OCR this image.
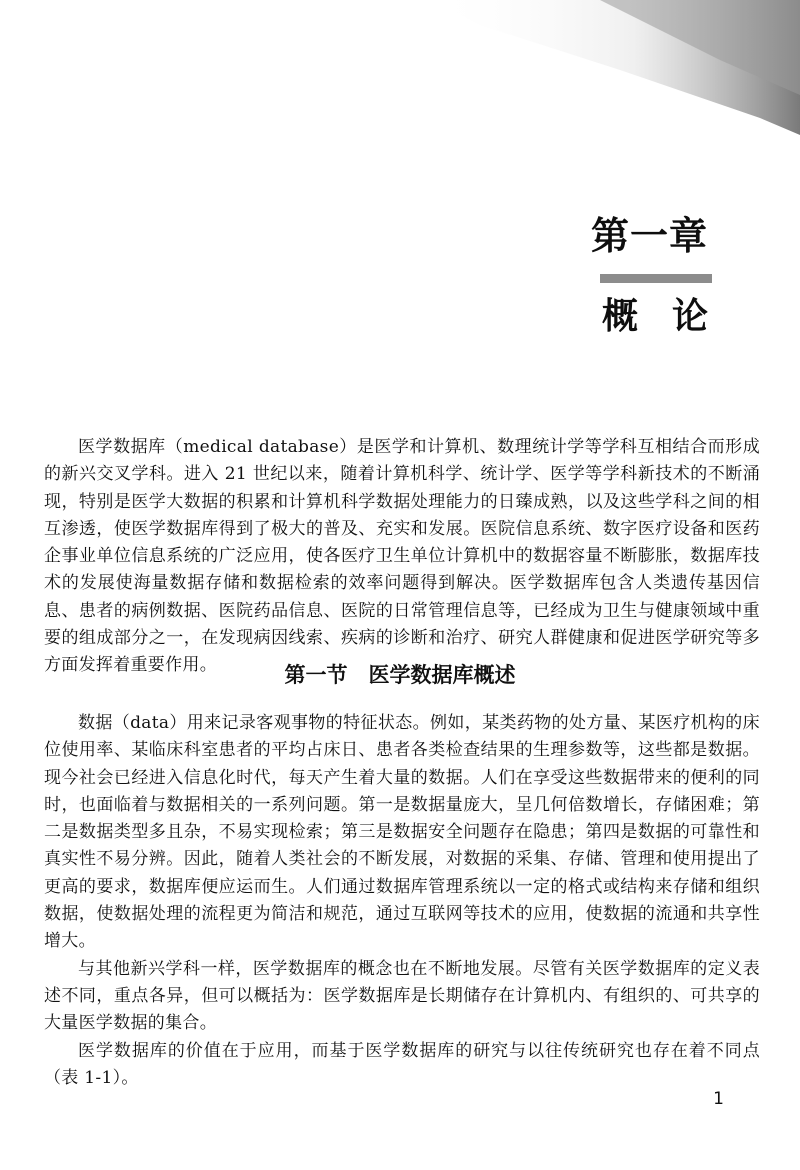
第一章
概论

医学数据库（medical database）是医学和计算机、数理统计学等学科互相结合而形成的新兴交叉学科。进入 21 世纪以来，随着计算机科学、统计学、医学等学科新技术的不断涌现，特别是医学大数据的积累和计算机科学数据处理能力的日臻成熟，以及这些学科之间的相互渗透，使医学数据库得到了极大的普及、充实和发展。医院信息系统、数字医疗设备和医药企事业单位信息系统的广泛应用，使各医疗卫生单位计算机中的数据容量不断膨胀，数据库技术的发展使海量数据存储和数据检索的效率问题得到解决。医学数据库包含人类遗传基因信息、患者的病例数据、医院药品信息、医院的日常管理信息等，已经成为卫生与健康领域中重要的组成部分之一，在发现病因线索、疾病的诊断和治疗、研究人群健康和促进医学研究等多方面发挥着重要作用。	第一节　医学数据库概述

数据（data）用来记录客观事物的特征状态。例如，某类药物的处方量、某医疗机构的床位使用率、某临床科室患者的平均占床日、患者各类检查结果的生理参数等，这些都是数据。现今社会已经进入信息化时代，每天产生着大量的数据。人们在享受这些数据带来的便利的同时，也面临着与数据相关的一系列问题。第一是数据量庞大，呈几何倍数增长，存储困难；第二是数据类型多且杂，不易实现检索；第三是数据安全问题存在隐患；第四是数据的可靠性和真实性不易分辨。因此，随着人类社会的不断发展，对数据的采集、存储、管理和使用提出了更高的要求，数据库便应运而生。人们通过数据库管理系统以一定的格式或结构来存储和组织数据，使数据处理的流程更为简洁和规范，通过互联网等技术的应用，使数据的流通和共享性增大。

与其他新兴学科一样，医学数据库的概念也在不断地发展。尽管有关医学数据库的定义表述不同，重点各异，但可以概括为：医学数据库是长期储存在计算机内、有组织的、可共享的大量医学数据的集合。

医学数据库的价值在于应用，而基于医学数据库的研究与以往传统研究也存在着不同点（表 1-1）。

1
